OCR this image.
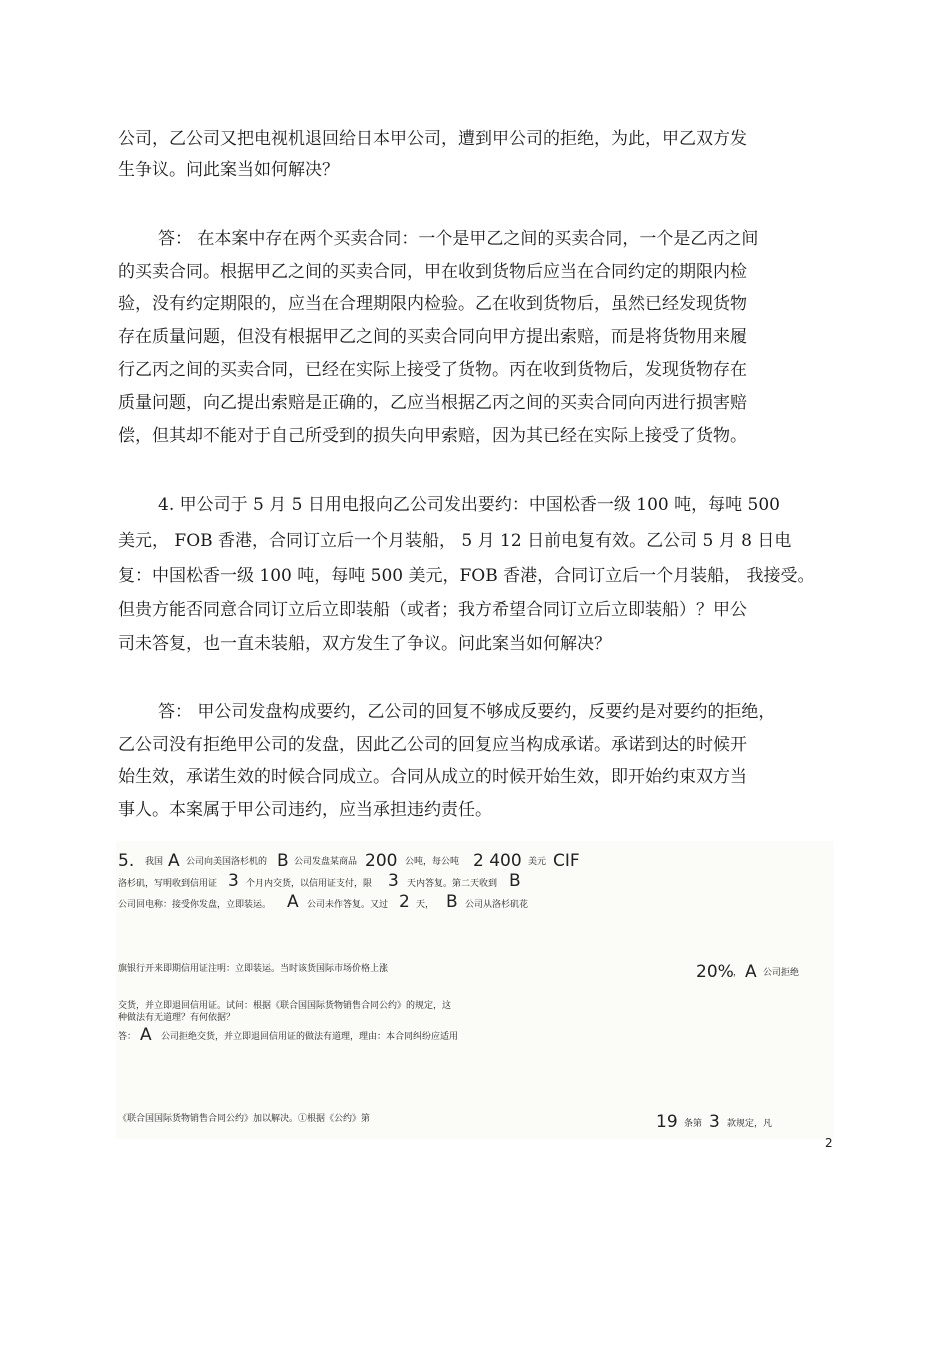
公司，乙公司又把电视机退回给日本甲公司，遭到甲公司的拒绝，为此，甲乙双方发
生争议。问此案当如何解决？
答： 在本案中存在两个买卖合同：一个是甲乙之间的买卖合同，一个是乙丙之间
的买卖合同。根据甲乙之间的买卖合同，甲在收到货物后应当在合同约定的期限内检
验，没有约定期限的，应当在合理期限内检验。乙在收到货物后，虽然已经发现货物
存在质量问题，但没有根据甲乙之间的买卖合同向甲方提出索赔，而是将货物用来履
行乙丙之间的买卖合同，已经在实际上接受了货物。丙在收到货物后，发现货物存在
质量问题，向乙提出索赔是正确的，乙应当根据乙丙之间的买卖合同向丙进行损害赔
偿，但其却不能对于自己所受到的损失向甲索赔，因为其已经在实际上接受了货物。
4. 甲公司于 5 月 5 日用电报向乙公司发出要约：中国松香一级 100 吨，每吨 500
美元， FOB 香港，合同订立后一个月装船， 5 月 12 日前电复有效。乙公司 5 月 8 日电
复：中国松香一级 100 吨，每吨 500 美元，FOB 香港，合同订立后一个月装船， 我接受。
但贵方能否同意合同订立后立即装船（或者；我方希望合同订立后立即装船）？甲公
司未答复，也一直未装船，双方发生了争议。问此案当如何解决？
答： 甲公司发盘构成要约，乙公司的回复不够成反要约，反要约是对要约的拒绝，
乙公司没有拒绝甲公司的发盘，因此乙公司的回复应当构成承诺。承诺到达的时候开
始生效，承诺生效的时候合同成立。合同从成立的时候开始生效，即开始约束双方当
事人。本案属于甲公司违约，应当承担违约责任。
5. 我国 A 公司向美国洛杉机的 B 公司发盘某商品 200 公吨，每公吨 2 400 美元 CIF
洛杉矶，写明收到信用证 3 个月内交货，以信用证支付，限 3 天内答复。第二天收到 B
公司回电称：接受你发盘，立即装运。 A 公司未作答复。又过 2 天， B 公司从洛杉矶花
旗银行开来即期信用证注明：立即装运。当时该货国际市场价格上涨	20% ， A 公司拒绝
交货，并立即退回信用证。试问：根据《联合国国际货物销售合同公约》的规定，这
种做法有无道理？有何依据？
答： A 公司拒绝交货，并立即退回信用证的做法有道理，理由：本合同纠纷应适用
《联合国国际货物销售合同公约》加以解决。①根据《公约》第	19 条第 3 款规定，凡
2
